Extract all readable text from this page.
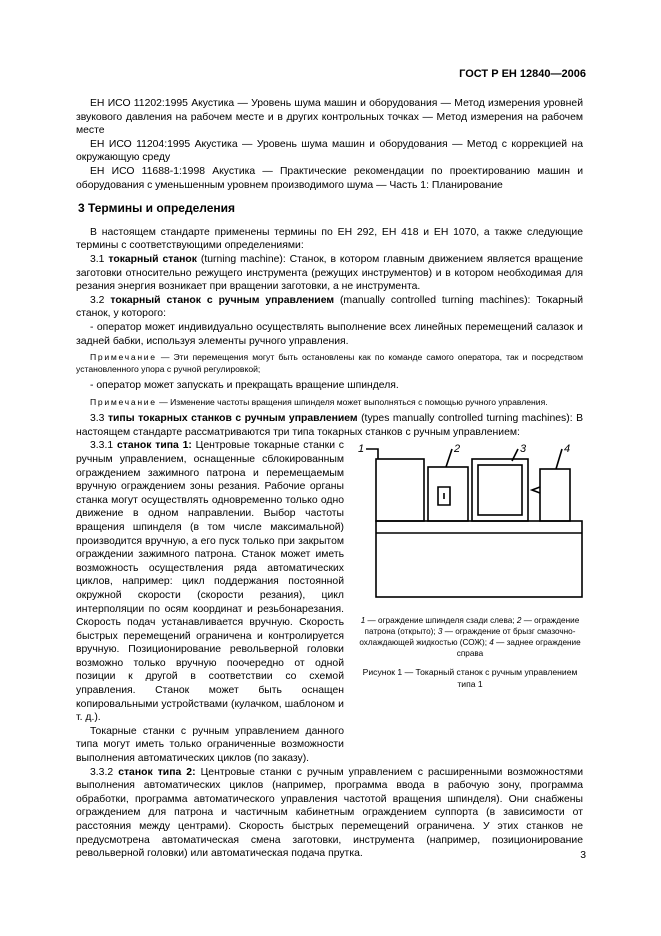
ГОСТ Р ЕН 12840—2006

ЕН ИСО 11202:1995 Акустика — Уровень шума машин и оборудования — Метод измерения уровней звукового давления на рабочем месте и в других контрольных точках — Метод измерения на рабочем месте

ЕН ИСО 11204:1995 Акустика — Уровень шума машин и оборудования — Метод с коррекцией на окружающую среду

ЕН ИСО 11688-1:1998 Акустика — Практические рекомендации по проектированию машин и оборудования с уменьшенным уровнем производимого шума — Часть 1: Планирование

3 Термины и определения

В настоящем стандарте применены термины по ЕН 292, ЕН 418 и ЕН 1070, а также следующие термины с соответствующими определениями:

3.1 токарный станок (turning machine): Станок, в котором главным движением является вращение заготовки относительно режущего инструмента (режущих инструментов) и в котором необходимая для резания энергия возникает при вращении заготовки, а не инструмента.

3.2 токарный станок с ручным управлением (manually controlled turning machines): Токарный станок, у которого:

- оператор может индивидуально осуществлять выполнение всех линейных перемещений салазок и задней бабки, используя элементы ручного управления.

Примечание — Эти перемещения могут быть остановлены как по команде самого оператора, так и посредством установленного упора с ручной регулировкой;

- оператор может запускать и прекращать вращение шпинделя.

Примечание — Изменение частоты вращения шпинделя может выполняться с помощью ручного управления.

3.3 типы токарных станков с ручным управлением (types manually controlled turning machines): В настоящем стандарте рассматриваются три типа токарных станков с ручным управлением:

3.3.1 станок типа 1: Центровые токарные станки с ручным управлением, оснащенные сблокированным ограждением зажимного патрона и перемещаемым вручную ограждением зоны резания. Рабочие органы станка могут осуществлять одновременно только одно движение в одном направлении. Выбор частоты вращения шпинделя (в том числе максимальной) производится вручную, а его пуск только при закрытом ограждении зажимного патрона. Станок может иметь возможность осуществления ряда автоматических циклов, например: цикл поддержания постоянной окружной скорости (скорости резания), цикл интерполяции по осям координат и резьбонарезания. Скорость подач устанавливается вручную. Скорость быстрых перемещений ограничена и контролируется вручную. Позиционирование револьверной головки возможно только вручную поочередно от одной позиции к другой в соответствии со схемой управления. Станок может быть оснащен копировальными устройствами (кулачком, шаблоном и т. д.).

Токарные станки с ручным управлением данного типа могут иметь только ограниченные возможности выполнения автоматических циклов (по заказу).

1	2	3	4
1 — ограждение шпинделя сзади слева; 2 — ограждение патрона (открыто); 3 — ограждение от брызг смазочно-охлаждающей жидкостью (СОЖ); 4 — заднее ограждение справа
Рисунок 1 — Токарный станок с ручным управлением типа 1

3.3.2 станок типа 2: Центровые станки с ручным управлением с расширенными возможностями выполнения автоматических циклов (например, программа ввода в рабочую зону, программа обработки, программа автоматического управления частотой вращения шпинделя). Они снабжены ограждением для патрона и частичным кабинетным ограждением суппорта (в зависимости от расстояния между центрами). Скорость быстрых перемещений ограничена. У этих станков не предусмотрена автоматическая смена заготовки, инструмента (например, позиционирование револьверной головки) или автоматическая подача прутка.	3
